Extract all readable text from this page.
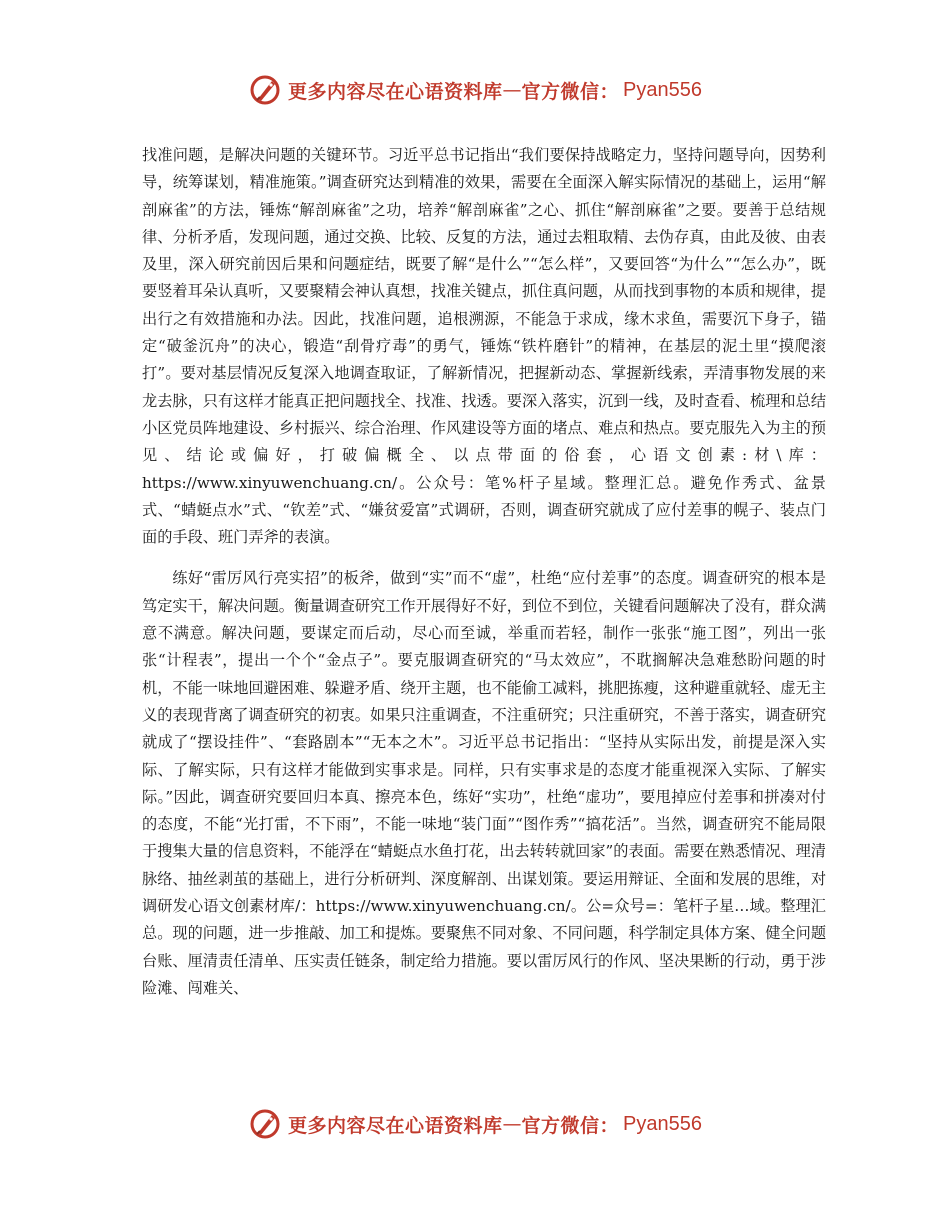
更多内容尽在心语资料库 — 官方微信： Pyan556

找准问题，是解决问题的关键环节。习近平总书记指出“我们要保持战略定力，坚持问题导向，因势利导，统筹谋划，精准施策。”调查研究达到精准的效果，需要在全面深入解实际情况的基础上，运用“解剖麻雀”的方法，锤炼“解剖麻雀”之功，培养“解剖麻雀”之心、抓住“解剖麻雀”之要。要善于总结规律、分析矛盾，发现问题，通过交换、比较、反复的方法，通过去粗取精、去伪存真，由此及彼、由表及里，深入研究前因后果和问题症结，既要了解“是什么”“怎么样”，又要回答“为什么”“怎么办”，既要竖着耳朵认真听，又要聚精会神认真想，找准关键点，抓住真问题，从而找到事物的本质和规律，提出行之有效措施和办法。因此，找准问题，追根溯源，不能急于求成，缘木求鱼，需要沉下身子，锚定“破釜沉舟”的决心，锻造“刮骨疗毒”的勇气，锤炼“铁杵磨针”的精神，在基层的泥土里“摸爬滚打”。要对基层情况反复深入地调查取证，了解新情况，把握新动态、掌握新线索，弄清事物发展的来龙去脉，只有这样才能真正把问题找全、找准、找透。要深入落实，沉到一线，及时查看、梳理和总结小区党员阵地建设、乡村振兴、综合治理、作风建设等方面的堵点、难点和热点。要克服先入为主的预见、结论或偏好，打破偏概全、以点带面的俗套，心语文创素:材\库：https://www.xinyuwenchuang.cn/。公众号：笔%杆子星域。整理汇总。避免作秀式、盆景式、“蜻蜓点水”式、“钦差”式、“嫌贫爱富”式调研，否则，调查研究就成了应付差事的幌子、装点门面的手段、班门弄斧的表演。

练好“雷厉风行亮实招”的板斧，做到“实”而不“虚”，杜绝“应付差事”的态度。调查研究的根本是笃定实干，解决问题。衡量调查研究工作开展得好不好，到位不到位，关键看问题解决了没有，群众满意不满意。解决问题，要谋定而后动，尽心而至诚，举重而若轻，制作一张张“施工图”，列出一张张“计程表”，提出一个个“金点子”。要克服调查研究的“马太效应”，不耽搁解决急难愁盼问题的时机，不能一味地回避困难、躲避矛盾、绕开主题，也不能偷工减料，挑肥拣瘦，这种避重就轻、虚无主义的表现背离了调查研究的初衷。如果只注重调查，不注重研究；只注重研究，不善于落实，调查研究就成了“摆设挂件”、“套路剧本”“无本之木”。习近平总书记指出：“坚持从实际出发，前提是深入实际、了解实际，只有这样才能做到实事求是。同样，只有实事求是的态度才能重视深入实际、了解实际。”因此，调查研究要回归本真、擦亮本色，练好“实功”，杜绝“虚功”，要甩掉应付差事和拼凑对付的态度，不能“光打雷，不下雨”，不能一味地“装门面”“图作秀”“搞花活”。当然，调查研究不能局限于搜集大量的信息资料，不能浮在“蜻蜓点水鱼打花，出去转转就回家”的表面。需要在熟悉情况、理清脉络、抽丝剥茧的基础上，进行分析研判、深度解剖、出谋划策。要运用辩证、全面和发展的思维，对调研发心语文创素材库/：https://www.xinyuwenchuang.cn/。公=众号=：笔杆子星…域。整理汇总。现的问题，进一步推敲、加工和提炼。要聚焦不同对象、不同问题，科学制定具体方案、健全问题台账、厘清责任清单、压实责任链条，制定给力措施。要以雷厉风行的作风、坚决果断的行动，勇于涉险滩、闯难关、

更多内容尽在心语资料库 — 官方微信： Pyan556
